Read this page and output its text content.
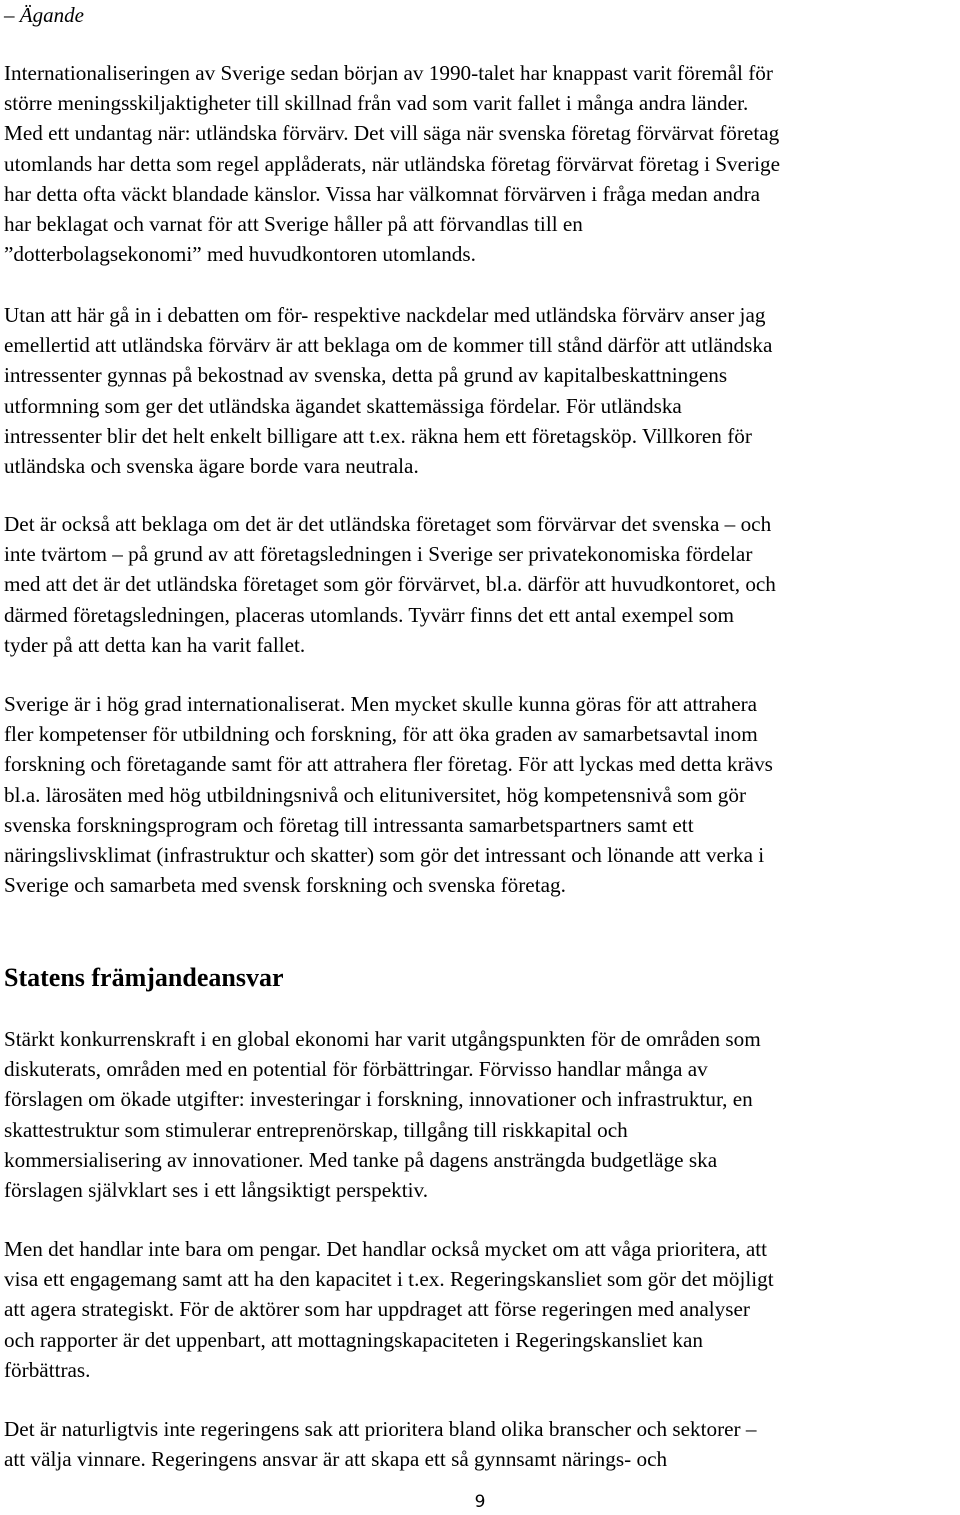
– Ägande

Internationaliseringen av Sverige sedan början av 1990-talet har knappast varit föremål för
större meningsskiljaktigheter till skillnad från vad som varit fallet i många andra länder.
Med ett undantag när: utländska förvärv. Det vill säga när svenska företag förvärvat företag
utomlands har detta som regel applåderats, när utländska företag förvärvat företag i Sverige
har detta ofta väckt blandade känslor. Vissa har välkomnat förvärven i fråga medan andra
har beklagat och varnat för att Sverige håller på att förvandlas till en
”dotterbolagsekonomi” med huvudkontoren utomlands.

Utan att här gå in i debatten om för- respektive nackdelar med utländska förvärv anser jag
emellertid att utländska förvärv är att beklaga om de kommer till stånd därför att utländska
intressenter gynnas på bekostnad av svenska, detta på grund av kapitalbeskattningens
utformning som ger det utländska ägandet skattemässiga fördelar. För utländska
intressenter blir det helt enkelt billigare att t.ex. räkna hem ett företagsköp. Villkoren för
utländska och svenska ägare borde vara neutrala.

Det är också att beklaga om det är det utländska företaget som förvärvar det svenska – och
inte tvärtom – på grund av att företagsledningen i Sverige ser privatekonomiska fördelar
med att det är det utländska företaget som gör förvärvet, bl.a. därför att huvudkontoret, och
därmed företagsledningen, placeras utomlands. Tyvärr finns det ett antal exempel som
tyder på att detta kan ha varit fallet.

Sverige är i hög grad internationaliserat. Men mycket skulle kunna göras för att attrahera
fler kompetenser för utbildning och forskning, för att öka graden av samarbetsavtal inom
forskning och företagande samt för att attrahera fler företag. För att lyckas med detta krävs
bl.a. lärosäten med hög utbildningsnivå och elituniversitet, hög kompetensnivå som gör
svenska forskningsprogram och företag till intressanta samarbetspartners samt ett
näringslivsklimat (infrastruktur och skatter) som gör det intressant och lönande att verka i
Sverige och samarbeta med svensk forskning och svenska företag.

Statens främjandeansvar

Stärkt konkurrenskraft i en global ekonomi har varit utgångspunkten för de områden som
diskuterats, områden med en potential för förbättringar. Förvisso handlar många av
förslagen om ökade utgifter: investeringar i forskning, innovationer och infrastruktur, en
skattestruktur som stimulerar entreprenörskap, tillgång till riskkapital och
kommersialisering av innovationer. Med tanke på dagens ansträngda budgetläge ska
förslagen självklart ses i ett långsiktigt perspektiv.

Men det handlar inte bara om pengar. Det handlar också mycket om att våga prioritera, att
visa ett engagemang samt att ha den kapacitet i t.ex. Regeringskansliet som gör det möjligt
att agera strategiskt. För de aktörer som har uppdraget att förse regeringen med analyser
och rapporter är det uppenbart, att mottagningskapaciteten i Regeringskansliet kan
förbättras.

Det är naturligtvis inte regeringens sak att prioritera bland olika branscher och sektorer –
att välja vinnare. Regeringens ansvar är att skapa ett så gynnsamt närings- och

9
